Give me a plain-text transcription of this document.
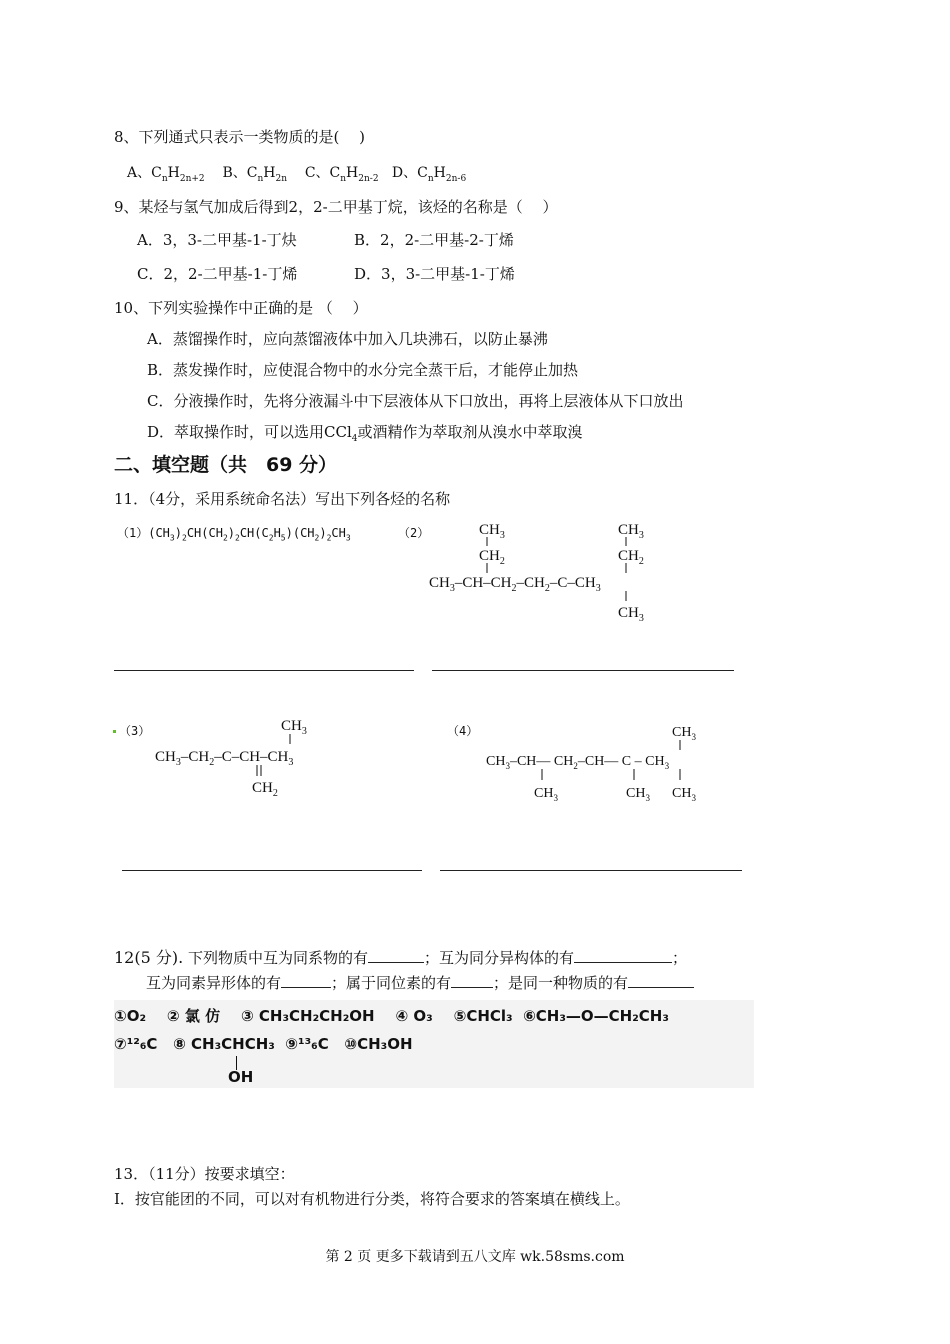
8、下列通式只表示一类物质的是(　 )
A、$C_nH_{2n+2}$ B、$C_nH_{2n}$ C、$C_nH_{2n-2}$ D、$C_nH_{2n-6}$
9、某烃与氢气加成后得到2，2-二甲基丁烷，该烃的名称是（　 ）
A．3，3-二甲基-1-丁炔	B．2，2-二甲基-2-丁烯
C．2，2-二甲基-1-丁烯	D．3，3-二甲基-1-丁烯
10、下列实验操作中正确的是 （　 ）
A．蒸馏操作时，应向蒸馏液体中加入几块沸石，以防止暴沸
B．蒸发操作时，应使混合物中的水分完全蒸干后，才能停止加热
C．分液操作时，先将分液漏斗中下层液体从下口放出，再将上层液体从下口放出
D．萃取操作时，可以选用CCl$_4$或酒精作为萃取剂从溴水中萃取溴
二、填空题（共　69 分）
11．（4分，采用系统命名法）写出下列各烃的名称
$(1)(CH_3)_2CH(CH_2)_2CH(C_2H_5)(CH_2)_2CH_3$	（2）	$CH_3$
$CH_2$
$CH_3-CH-CH_2-CH_2-C-CH_3$
$CH_3$
$CH_2$
$CH_3$
（3）	$CH_3$
$CH_3-CH_2-C-CH-CH_3$
$CH_2$
（4）	$CH_3$
$CH_3-CH—$ $CH_2-CH—$ C – $CH_3$
$CH_3$	$CH_3$ $CH_3$
12(5 分). 下列物质中互为同系物的有	；互为同分异构体的有	；
互为同素异形体的有	；属于同位素的有	；是同一种物质的有
①O₂ ② 氯 仿 ③ CH₃CH₂CH₂OH ④ O₃ ⑤CHCl₃ ⑥CH₃—O—CH₂CH₃
⑦¹²₆C ⑧ CH₃CHCH₃ ⑨¹³₆C ⑩CH₃OH
OH
13．（11分）按要求填空：
I．按官能团的不同，可以对有机物进行分类，将符合要求的答案填在横线上。
第 2 页 更多下载请到五八文库 wk.58sms.com
